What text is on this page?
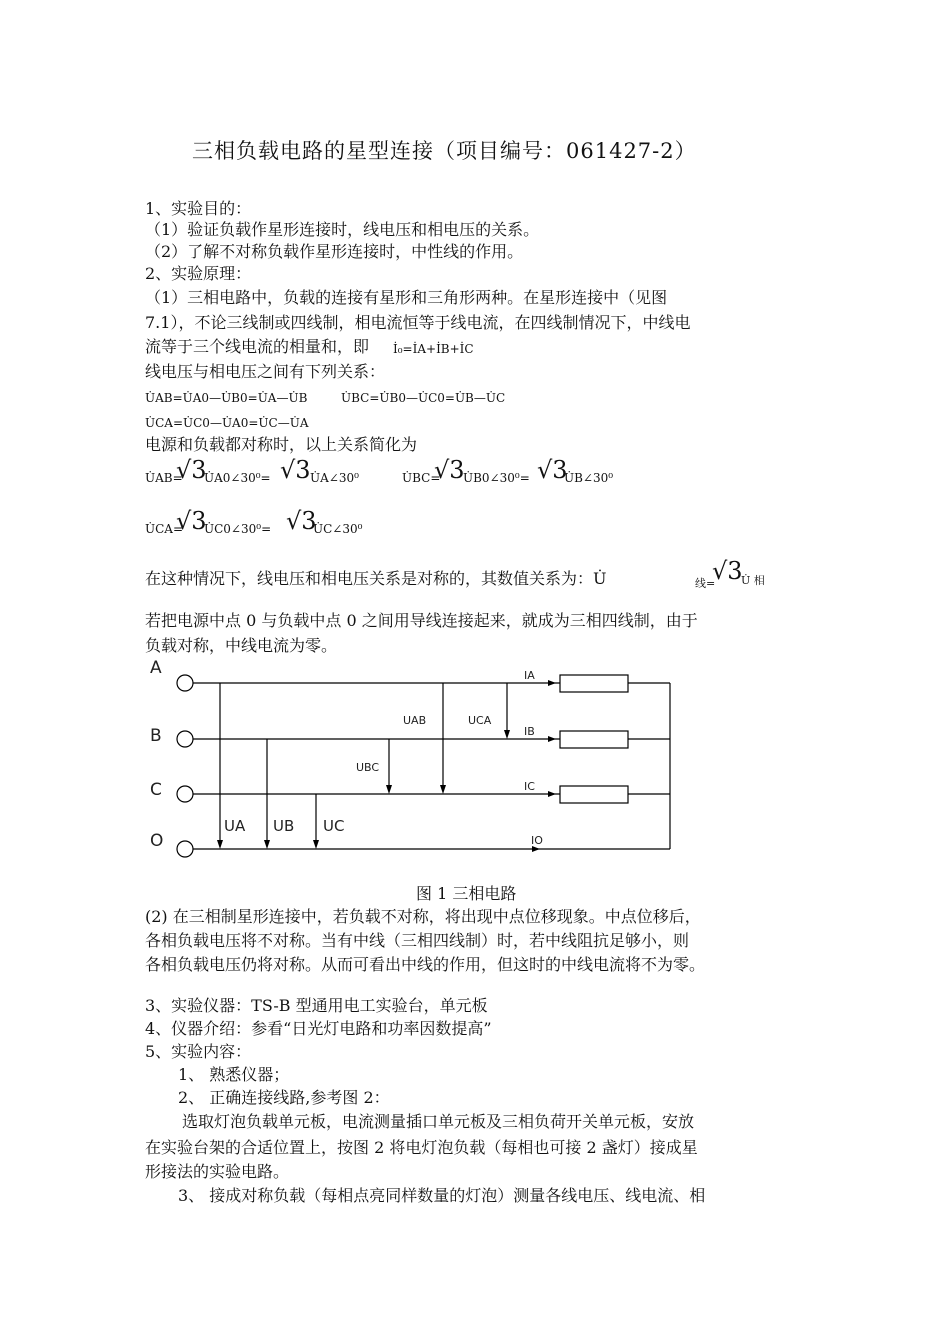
三相负载电路的星型连接（项目编号：061427-2）
1、实验目的：
（1）验证负载作星形连接时，线电压和相电压的关系。
（2）了解不对称负载作星形连接时，中性线的作用。
2、实验原理：
（1）三相电路中，负载的连接有星形和三角形两种。在星形连接中（见图
7.1），不论三线制或四线制，相电流恒等于线电流，在四线制情况下，中线电
流等于三个线电流的相量和，即 İ₀=İA+İB+İC
线电压与相电压之间有下列关系：
U̇AB=U̇A0—U̇B0=U̇A—U̇B	U̇BC=U̇B0—U̇C0=U̇B—U̇C
U̇CA=U̇C0—U̇A0=U̇C—U̇A
电源和负载都对称时，以上关系简化为
U̇AB=
√3
U̇A0∠30⁰= √3 U̇A∠30⁰	U̇BC=
√3
U̇B0∠30⁰= √3
U̇B∠30⁰
U̇CA=
√3
U̇C0∠30⁰= √3
U̇C∠30⁰
在这种情况下，线电压和相电压关系是对称的，其数值关系为：U̇	线=
√3
U̇ 相
若把电源中点 0 与负载中点 0 之间用导线连接起来，就成为三相四线制，由于
负载对称，中线电流为零。
A
B
C
O
IA
IB
IC
IO
UAB	UCA
UBC
UA UB UC
图 1 三相电路
(2) 在三相制星形连接中，若负载不对称，将出现中点位移现象。中点位移后，
各相负载电压将不对称。当有中线（三相四线制）时，若中线阻抗足够小，则
各相负载电压仍将对称。从而可看出中线的作用，但这时的中线电流将不为零。
3、实验仪器：TS-B 型通用电工实验台，单元板
4、仪器介绍：参看“日光灯电路和功率因数提高”
5、实验内容：
1、 熟悉仪器；
2、 正确连接线路,参考图 2：
选取灯泡负载单元板，电流测量插口单元板及三相负荷开关单元板，安放
在实验台架的合适位置上，按图 2 将电灯泡负载（每相也可接 2 盏灯）接成星
形接法的实验电路。
3、 接成对称负载（每相点亮同样数量的灯泡）测量各线电压、线电流、相
